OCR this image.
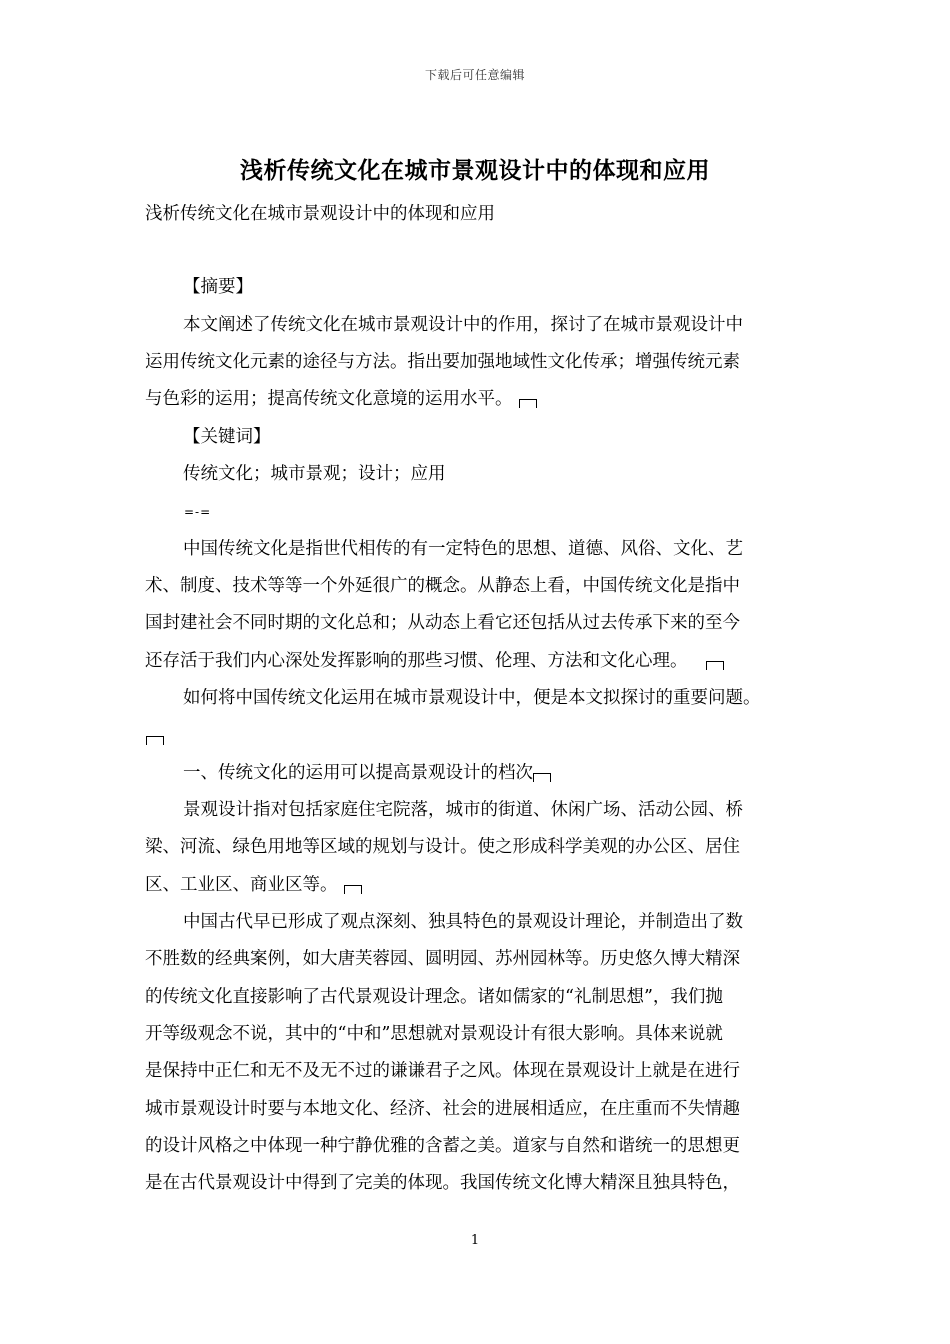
下载后可任意编辑
浅析传统文化在城市景观设计中的体现和应用
浅析传统文化在城市景观设计中的体现和应用
【摘要】
本文阐述了传统文化在城市景观设计中的作用，探讨了在城市景观设计中
运用传统文化元素的途径与方法。指出要加强地域性文化传承；增强传统元素
与色彩的运用；提高传统文化意境的运用水平。
【关键词】
传统文化；城市景观；设计；应用
=-=
中国传统文化是指世代相传的有一定特色的思想、道德、风俗、文化、艺
术、制度、技术等等一个外延很广的概念。从静态上看，中国传统文化是指中
国封建社会不同时期的文化总和；从动态上看它还包括从过去传承下来的至今
还存活于我们内心深处发挥影响的那些习惯、伦理、方法和文化心理。
如何将中国传统文化运用在城市景观设计中，便是本文拟探讨的重要问题。
一、传统文化的运用可以提高景观设计的档次
景观设计指对包括家庭住宅院落，城市的街道、休闲广场、活动公园、桥
梁、河流、绿色用地等区域的规划与设计。使之形成科学美观的办公区、居住
区、工业区、商业区等。
中国古代早已形成了观点深刻、独具特色的景观设计理论，并制造出了数
不胜数的经典案例，如大唐芙蓉园、圆明园、苏州园林等。历史悠久博大精深
的传统文化直接影响了古代景观设计理念。诸如儒家的“礼制思想”，我们抛
开等级观念不说，其中的“中和”思想就对景观设计有很大影响。具体来说就
是保持中正仁和无不及无不过的谦谦君子之风。体现在景观设计上就是在进行
城市景观设计时要与本地文化、经济、社会的进展相适应，在庄重而不失情趣
的设计风格之中体现一种宁静优雅的含蓄之美。道家与自然和谐统一的思想更
是在古代景观设计中得到了完美的体现。我国传统文化博大精深且独具特色，
1
